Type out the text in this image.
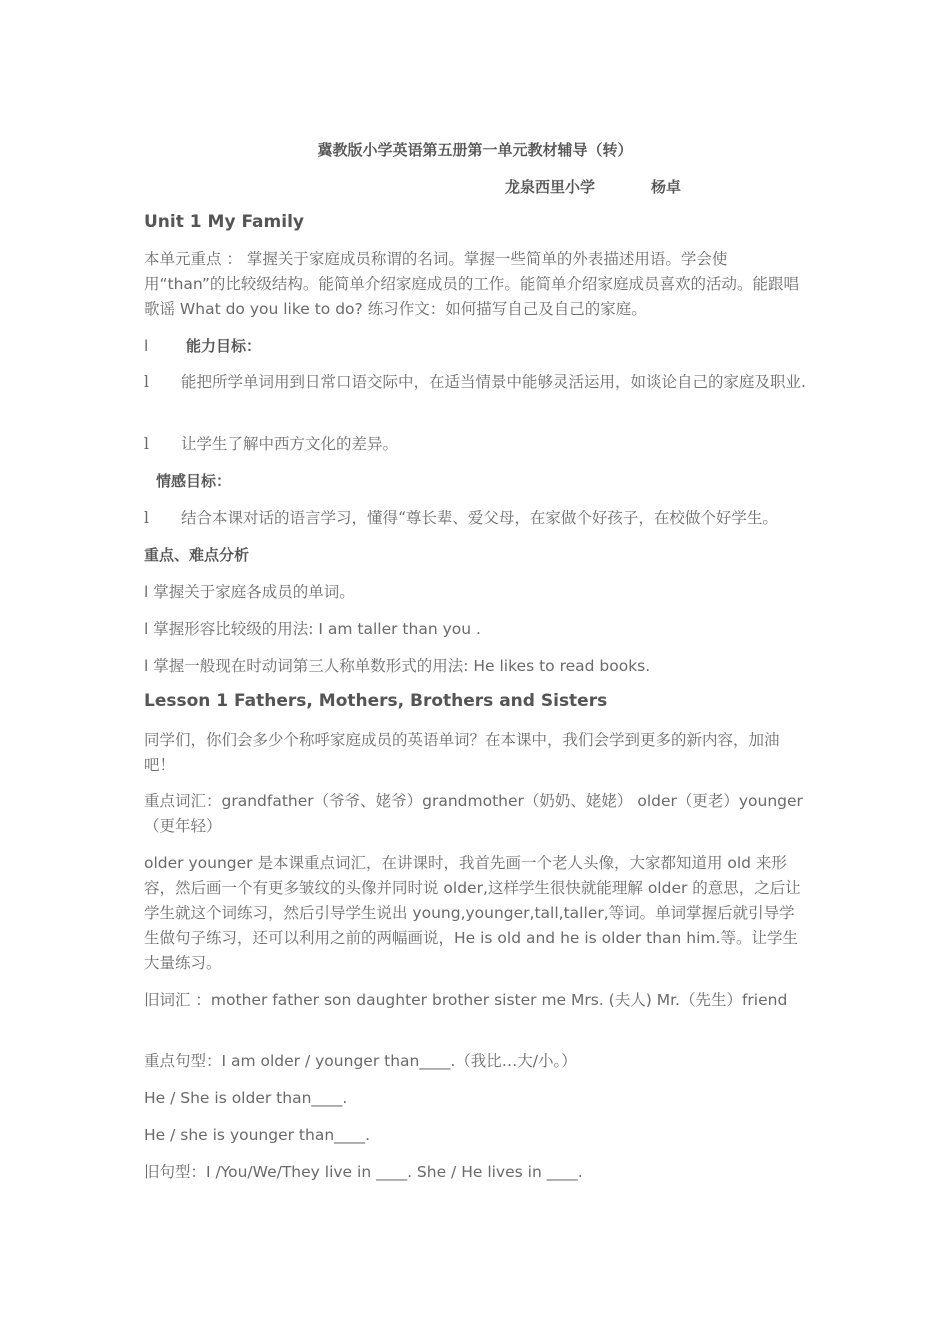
冀教版小学英语第五册第一单元教材辅导（转）
龙泉西里小学	杨卓
Unit 1 My Family
本单元重点 ： 掌握关于家庭成员称谓的名词。掌握一些简单的外表描述用语。学会使用“than”的比较级结构。能简单介绍家庭成员的工作。能简单介绍家庭成员喜欢的活动。能跟唱歌谣 What do you like to do? 练习作文：如何描写自己及自己的家庭。
l	能力目标：
l 能把所学单词用到日常口语交际中，在适当情景中能够灵活运用，如谈论自己的家庭及职业.
l 让学生了解中西方文化的差异。
情感目标：
l 结合本课对话的语言学习，懂得“尊长辈、爱父母，在家做个好孩子，在校做个好学生。
重点、难点分析
l 掌握关于家庭各成员的单词。
l 掌握形容比较级的用法: I am taller than you .
l 掌握一般现在时动词第三人称单数形式的用法: He likes to read books.
Lesson 1 Fathers, Mothers, Brothers and Sisters
同学们，你们会多少个称呼家庭成员的英语单词？在本课中，我们会学到更多的新内容，加油吧！
重点词汇：grandfather（爷爷、姥爷）grandmother（奶奶、姥姥） older（更老）younger（更年轻）
older younger 是本课重点词汇，在讲课时，我首先画一个老人头像，大家都知道用 old 来形容，然后画一个有更多皱纹的头像并同时说 older,这样学生很快就能理解 older 的意思，之后让学生就这个词练习，然后引导学生说出 young,younger,tall,taller,等词。单词掌握后就引导学生做句子练习，还可以利用之前的两幅画说，He is old and he is older than him.等。让学生大量练习。
旧词汇 ：mother father son daughter brother sister me Mrs. (夫人) Mr.（先生）friend
重点句型：I am older / younger than____.（我比…大/小。）
He / She is older than____.
He / she is younger than____.
旧句型：I /You/We/They live in ____. She / He lives in ____.
